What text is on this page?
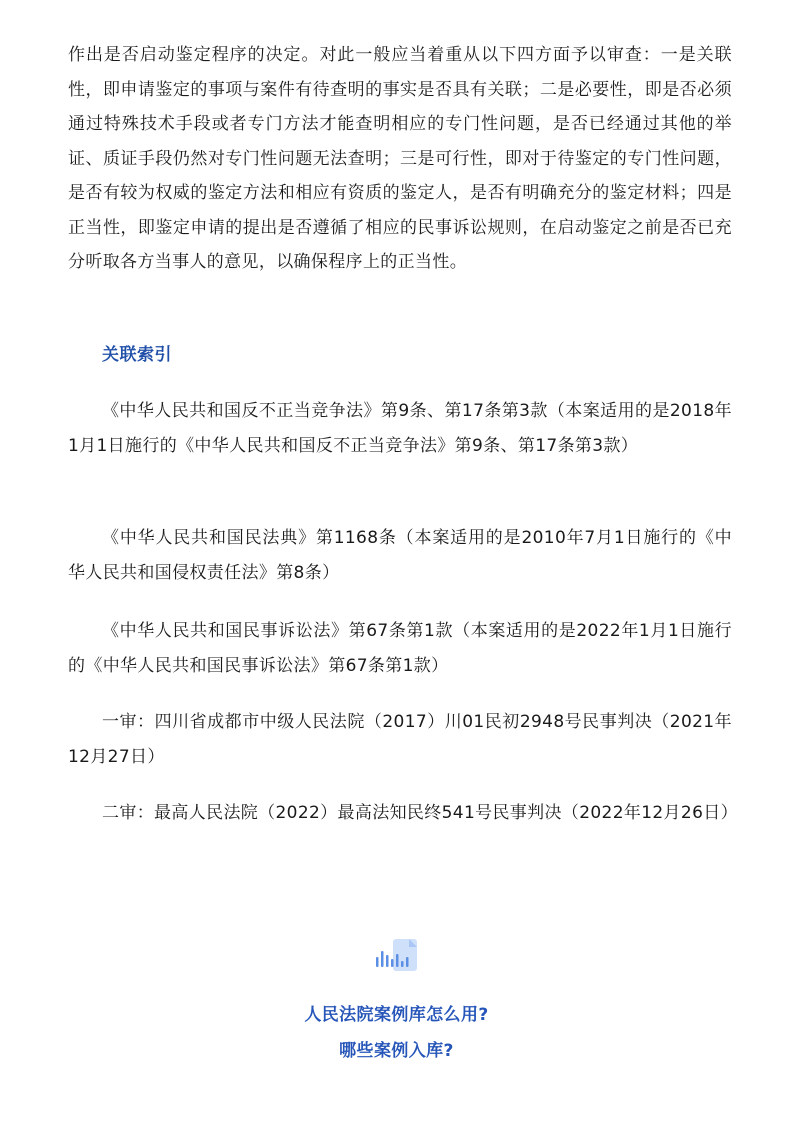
作出是否启动鉴定程序的决定。对此一般应当着重从以下四方面予以审查：一是关联性，即申请鉴定的事项与案件有待查明的事实是否具有关联；二是必要性，即是否必须通过特殊技术手段或者专门方法才能查明相应的专门性问题，是否已经通过其他的举证、质证手段仍然对专门性问题无法查明；三是可行性，即对于待鉴定的专门性问题，是否有较为权威的鉴定方法和相应有资质的鉴定人，是否有明确充分的鉴定材料；四是正当性，即鉴定申请的提出是否遵循了相应的民事诉讼规则，在启动鉴定之前是否已充分听取各方当事人的意见，以确保程序上的正当性。

关联索引

《中华人民共和国反不正当竞争法》第9条、第17条第3款（本案适用的是2018年1月1日施行的《中华人民共和国反不正当竞争法》第9条、第17条第3款）

《中华人民共和国民法典》第1168条（本案适用的是2010年7月1日施行的《中华人民共和国侵权责任法》第8条）

《中华人民共和国民事诉讼法》第67条第1款（本案适用的是2022年1月1日施行的《中华人民共和国民事诉讼法》第67条第1款）

一审：四川省成都市中级人民法院（2017）川01民初2948号民事判决（2021年12月27日）

二审：最高人民法院（2022）最高法知民终541号民事判决（2022年12月26日）

人民法院案例库怎么用?

哪些案例入库?
